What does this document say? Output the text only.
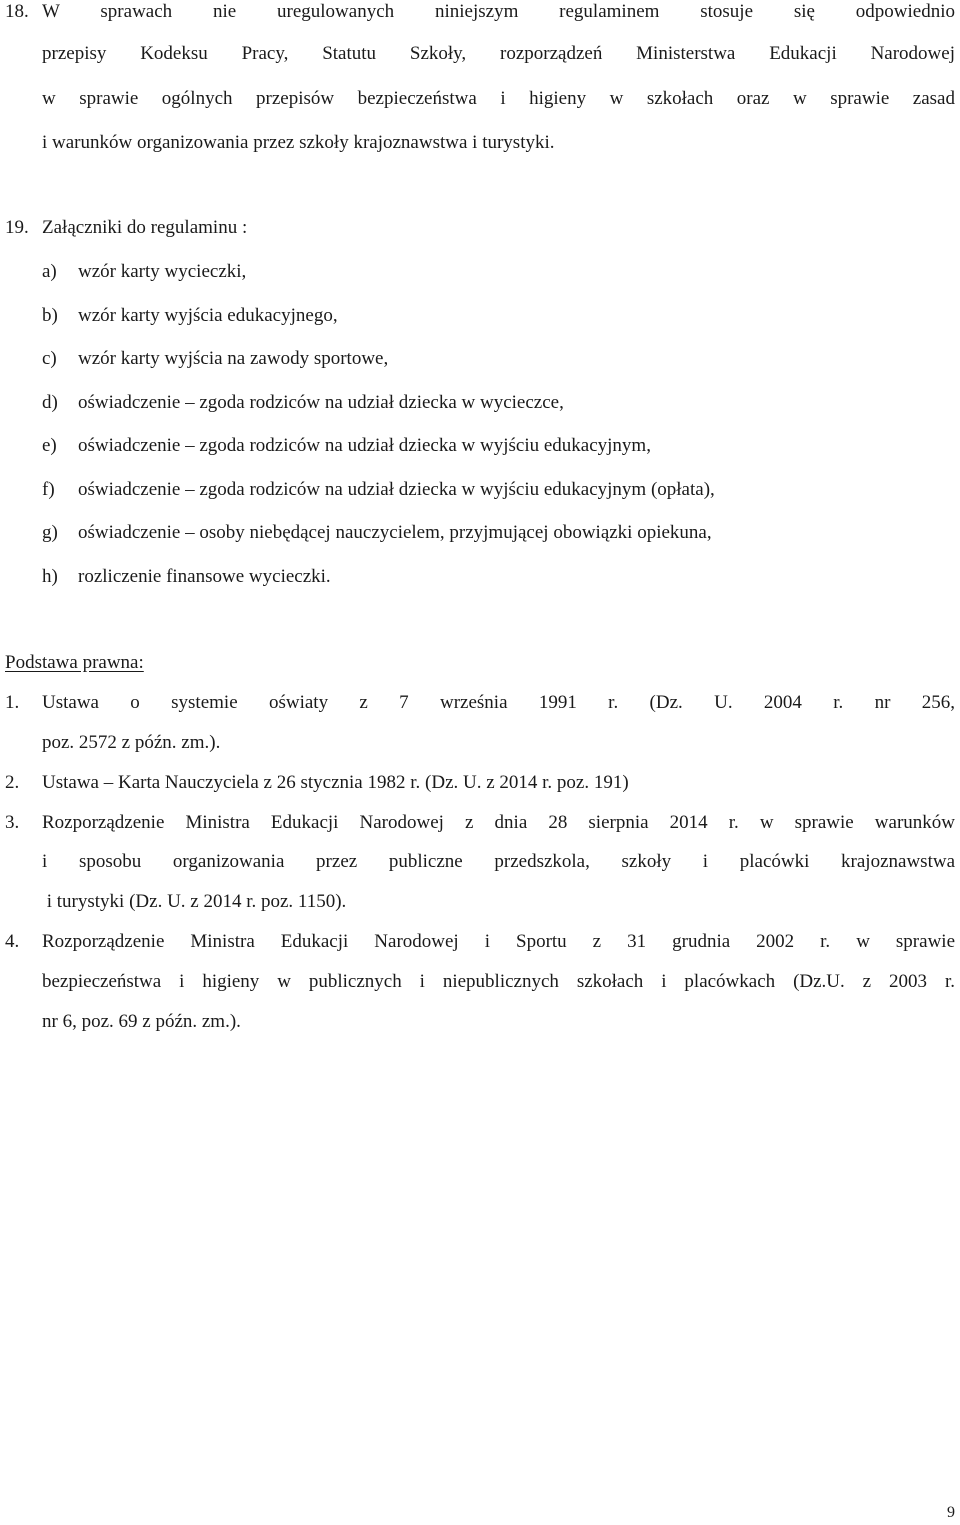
18. W sprawach nie uregulowanych niniejszym regulaminem stosuje się odpowiednio
przepisy Kodeksu Pracy, Statutu Szkoły, rozporządzeń Ministerstwa Edukacji Narodowej
w sprawie ogólnych przepisów bezpieczeństwa i higieny w szkołach oraz w sprawie zasad
i warunków organizowania przez szkoły krajoznawstwa i turystyki.
19. Załączniki do regulaminu :
a) wzór karty wycieczki,
b) wzór karty wyjścia edukacyjnego,
c) wzór karty wyjścia na zawody sportowe,
d) oświadczenie – zgoda rodziców na udział dziecka w wycieczce,
e) oświadczenie – zgoda rodziców na udział dziecka w wyjściu edukacyjnym,
f) oświadczenie – zgoda rodziców na udział dziecka w wyjściu edukacyjnym (opłata),
g) oświadczenie – osoby niebędącej nauczycielem, przyjmującej obowiązki opiekuna,
h) rozliczenie finansowe wycieczki.
Podstawa prawna:
1. Ustawa o systemie oświaty z 7 września 1991 r. (Dz. U. 2004 r. nr 256,
poz. 2572 z późn. zm.).
2. Ustawa – Karta Nauczyciela z 26 stycznia 1982 r. (Dz. U. z 2014 r. poz. 191)
3. Rozporządzenie Ministra Edukacji Narodowej z dnia 28 sierpnia 2014 r. w sprawie warunków
i sposobu organizowania przez publiczne przedszkola, szkoły i placówki krajoznawstwa
i turystyki (Dz. U. z 2014 r. poz. 1150).
4. Rozporządzenie Ministra Edukacji Narodowej i Sportu z 31 grudnia 2002 r. w sprawie
bezpieczeństwa i higieny w publicznych i niepublicznych szkołach i placówkach (Dz.U. z 2003 r.
nr 6, poz. 69 z późn. zm.).
9
